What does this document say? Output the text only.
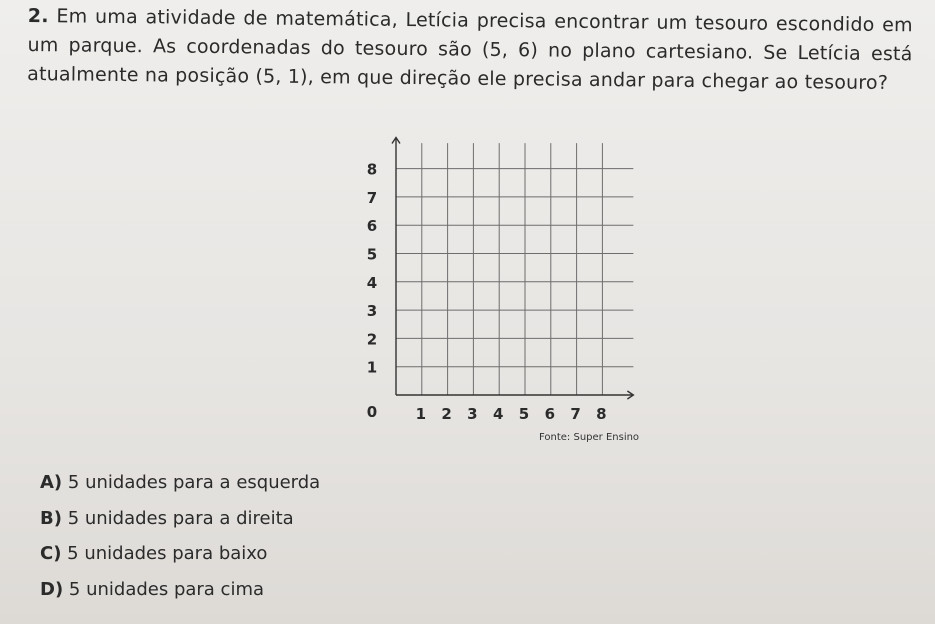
2. Em uma atividade de matemática, Letícia precisa encontrar um tesouro escondido em um parque. As coordenadas do tesouro são (5, 6) no plano cartesiano. Se Letícia está atualmente na posição (5, 1), em que direção ele precisa andar para chegar ao tesouro?
1 2 3 4 5 6 7 8
1
2
3
4
5
6
7
8
0
Fonte: Super Ensino
A) 5 unidades para a esquerda
B) 5 unidades para a direita
C) 5 unidades para baixo
D) 5 unidades para cima
